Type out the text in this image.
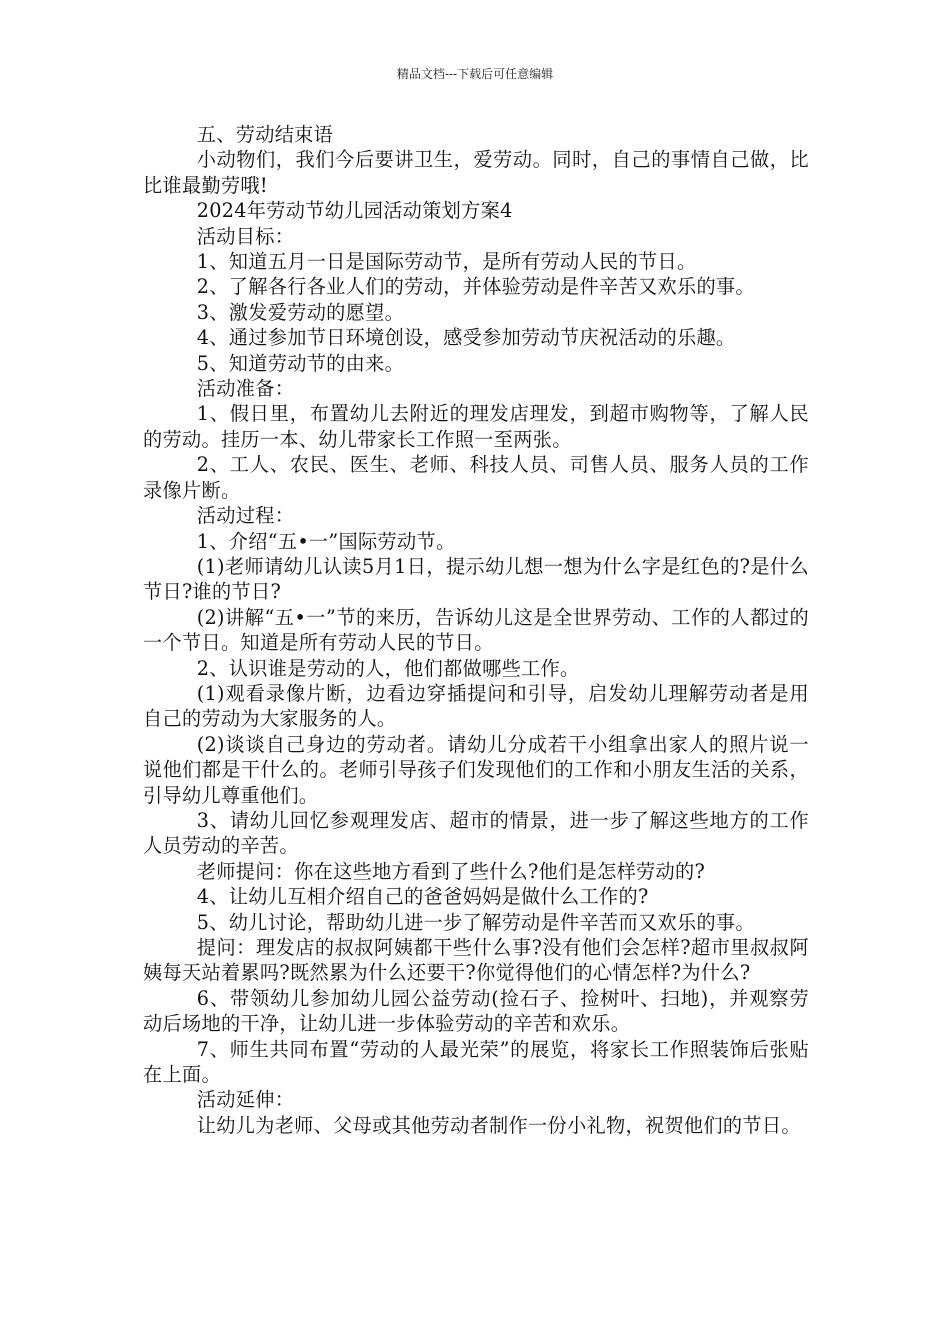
精品文档---下载后可任意编辑

五、劳动结束语

小动物们，我们今后要讲卫生，爱劳动。同时，自己的事情自己做，比比谁最勤劳哦!

2024年劳动节幼儿园活动策划方案4

活动目标：

1、知道五月一日是国际劳动节，是所有劳动人民的节日。

2、了解各行各业人们的劳动，并体验劳动是件辛苦又欢乐的事。

3、激发爱劳动的愿望。

4、通过参加节日环境创设，感受参加劳动节庆祝活动的乐趣。

5、知道劳动节的由来。

活动准备：

1、假日里，布置幼儿去附近的理发店理发，到超市购物等，了解人民的劳动。挂历一本、幼儿带家长工作照一至两张。

2、工人、农民、医生、老师、科技人员、司售人员、服务人员的工作录像片断。

活动过程：

1、介绍“五•一”国际劳动节。

(1)老师请幼儿认读5月1日，提示幼儿想一想为什么字是红色的?是什么节日?谁的节日?

(2)讲解“五•一”节的来历，告诉幼儿这是全世界劳动、工作的人都过的一个节日。知道是所有劳动人民的节日。

2、认识谁是劳动的人，他们都做哪些工作。

(1)观看录像片断，边看边穿插提问和引导，启发幼儿理解劳动者是用自己的劳动为大家服务的人。

(2)谈谈自己身边的劳动者。请幼儿分成若干小组拿出家人的照片说一说他们都是干什么的。老师引导孩子们发现他们的工作和小朋友生活的关系，引导幼儿尊重他们。

3、请幼儿回忆参观理发店、超市的情景，进一步了解这些地方的工作人员劳动的辛苦。

老师提问：你在这些地方看到了些什么?他们是怎样劳动的?

4、让幼儿互相介绍自己的爸爸妈妈是做什么工作的?

5、幼儿讨论，帮助幼儿进一步了解劳动是件辛苦而又欢乐的事。

提问：理发店的叔叔阿姨都干些什么事?没有他们会怎样?超市里叔叔阿姨每天站着累吗?既然累为什么还要干?你觉得他们的心情怎样?为什么?

6、带领幼儿参加幼儿园公益劳动(捡石子、捡树叶、扫地)，并观察劳动后场地的干净，让幼儿进一步体验劳动的辛苦和欢乐。

7、师生共同布置“劳动的人最光荣”的展览，将家长工作照装饰后张贴在上面。

活动延伸：

让幼儿为老师、父母或其他劳动者制作一份小礼物，祝贺他们的节日。
